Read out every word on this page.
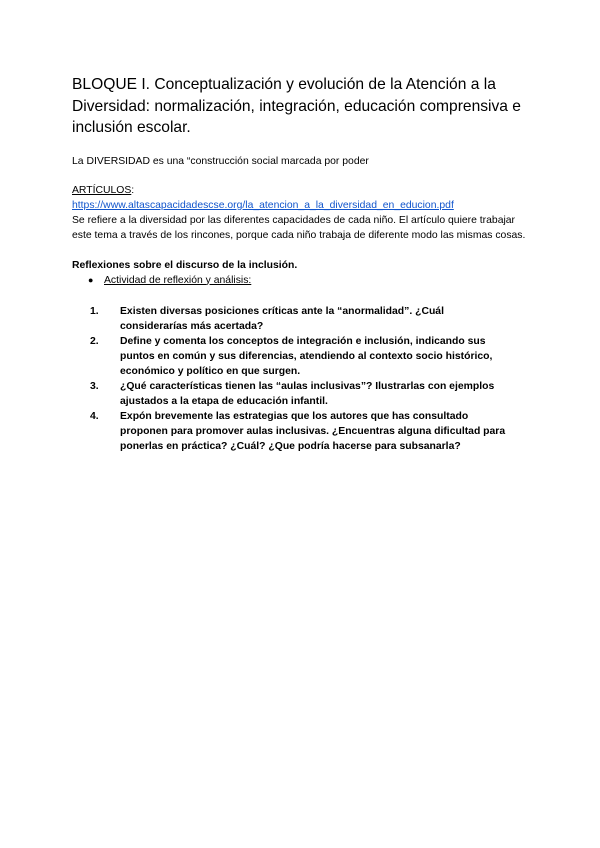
BLOQUE I. Conceptualización y evolución de la Atención a la Diversidad: normalización, integración, educación comprensiva e inclusión escolar.

La DIVERSIDAD es una “construcción social marcada por poder

ARTÍCULOS:
https://www.altascapacidadescse.org/la_atencion_a_la_diversidad_en_educion.pdf

Se refiere a la diversidad por las diferentes capacidades de cada niño. El artículo quiere trabajar este tema a través de los rincones, porque cada niño trabaja de diferente modo las mismas cosas.

Reflexiones sobre el discurso de la inclusión.
●	Actividad de reflexión y análisis:
1.	Existen diversas posiciones críticas ante la “anormalidad”. ¿Cuál considerarías más acertada?
2.	Define y comenta los conceptos de integración e inclusión, indicando sus puntos en común y sus diferencias, atendiendo al contexto socio histórico, económico y político en que surgen.
3.	¿Qué características tienen las “aulas inclusivas”? Ilustrarlas con ejemplos ajustados a la etapa de educación infantil.
4.	Expón brevemente las estrategias que los autores que has consultado proponen para promover aulas inclusivas. ¿Encuentras alguna dificultad para ponerlas en práctica? ¿Cuál? ¿Que podría hacerse para subsanarla?
